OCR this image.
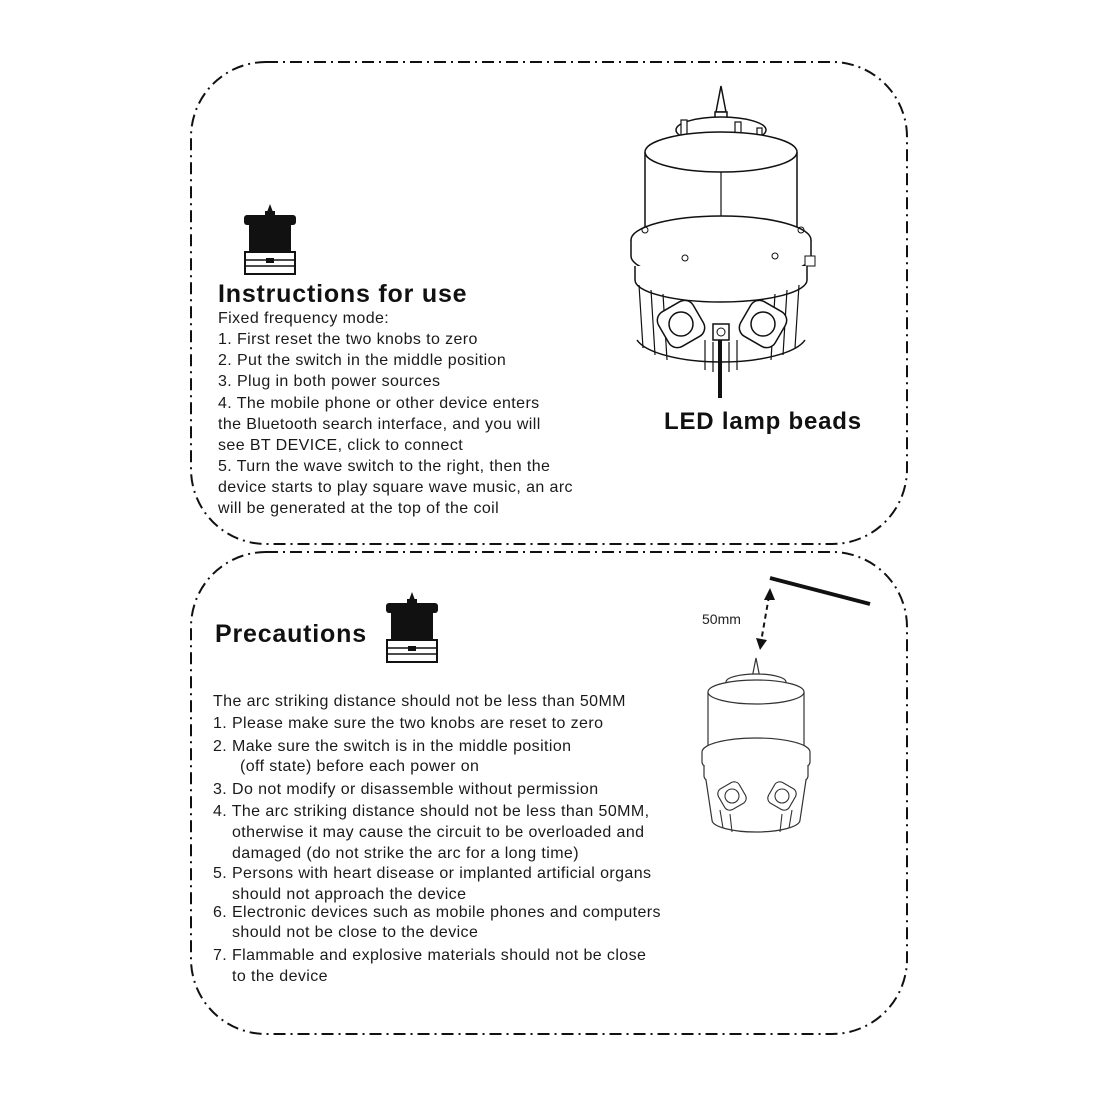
Instructions for use
Fixed frequency mode:
1. First reset the two knobs to zero
2. Put the switch in the middle position
3. Plug in both power sources
4. The mobile phone or other device enters
the Bluetooth search interface, and you will
see BT DEVICE, click to connect
5. Turn the wave switch to the right, then the
device starts to play square wave music, an arc
will be generated at the top of the coil
LED lamp beads
Precautions
The arc striking distance should not be less than 50MM
1. Please make sure the two knobs are reset to zero
2. Make sure the switch is in the middle position
(off state) before each power on
3. Do not modify or disassemble without permission
4. The arc striking distance should not be less than 50MM,
otherwise it may cause the circuit to be overloaded and
damaged (do not strike the arc for a long time)
5. Persons with heart disease or implanted artificial organs
should not approach the device
6. Electronic devices such as mobile phones and computers
should not be close to the device
7. Flammable and explosive materials should not be close
to the device
50mm
